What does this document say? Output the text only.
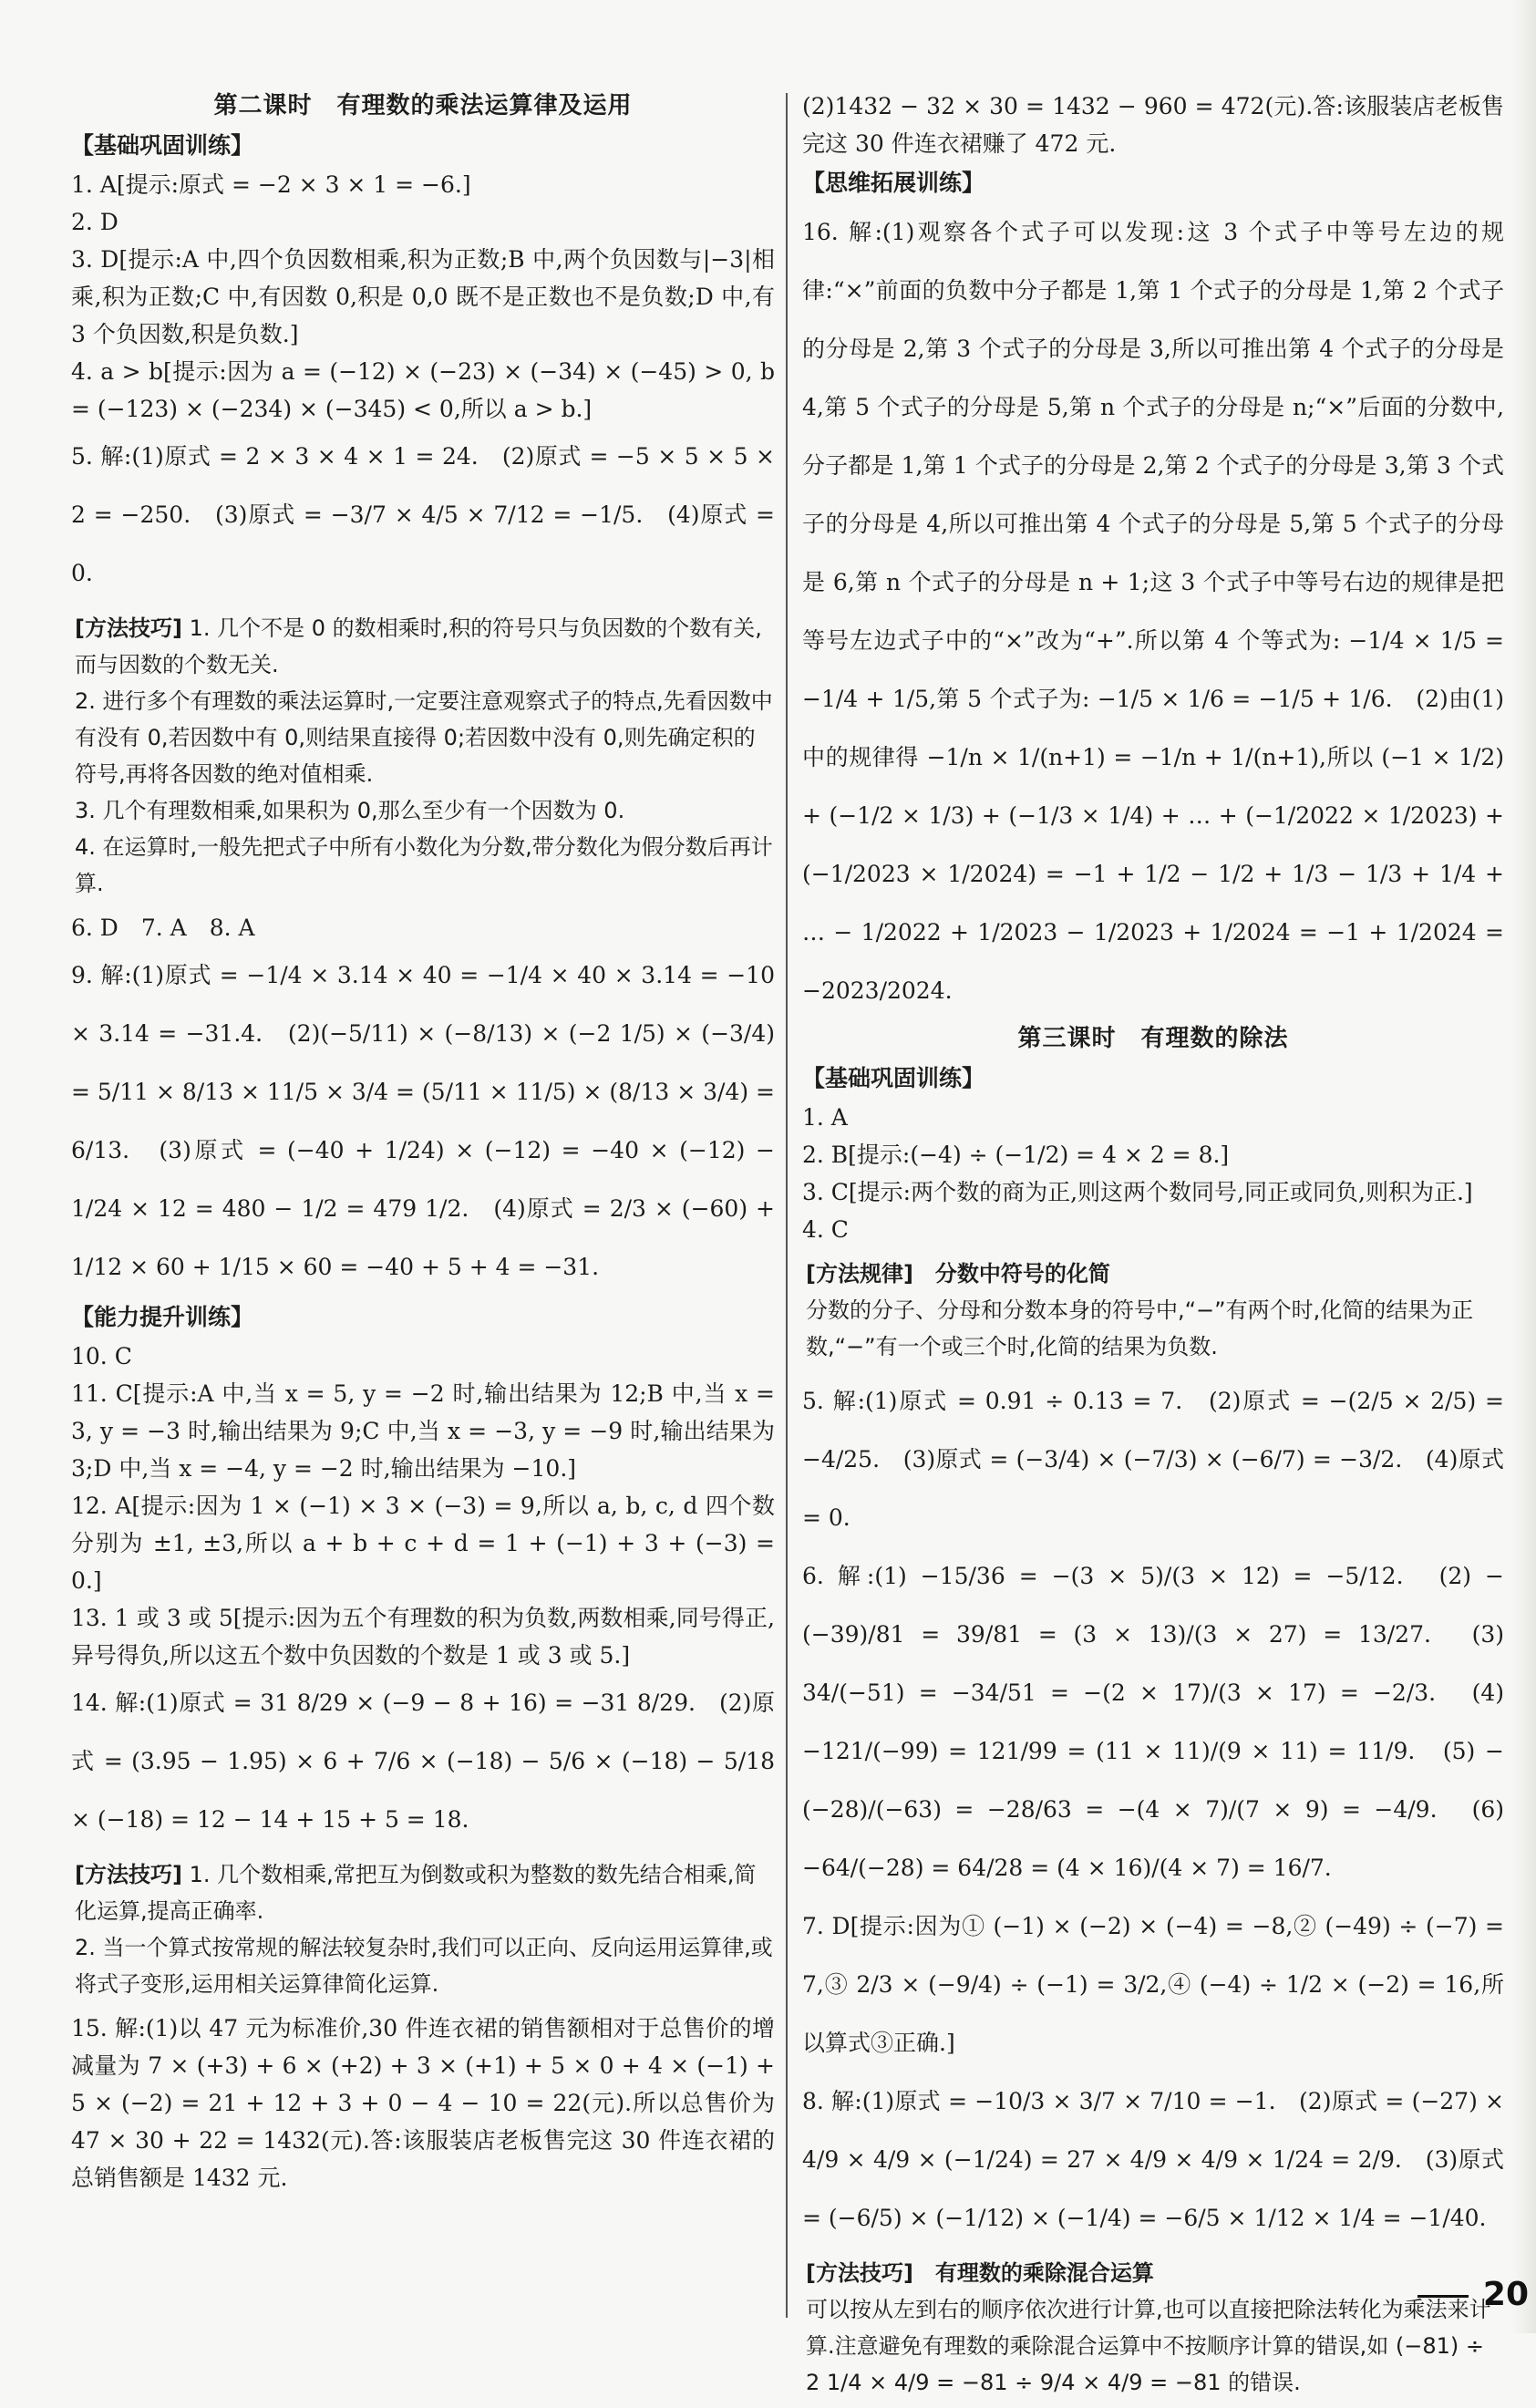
第二课时　有理数的乘法运算律及运用
【基础巩固训练】

1. A[提示:原式 = −2 × 3 × 1 = −6.]

2. D

3. D[提示:A 中,四个负因数相乘,积为正数;B 中,两个负因数与|−3|相乘,积为正数;C 中,有因数 0,积是 0,0 既不是正数也不是负数;D 中,有 3 个负因数,积是负数.]

4. a > b[提示:因为 a = (−12) × (−23) × (−34) × (−45) > 0, b = (−123) × (−234) × (−345) < 0,所以 a > b.]

5. 解:(1)原式 = 2 × 3 × 4 × 1 = 24.　(2)原式 = −5 × 5 × 5 × 2 = −250.　(3)原式 = −3/7 × 4/5 × 7/12 = −1/5.　(4)原式 = 0.

[方法技巧] 1. 几个不是 0 的数相乘时,积的符号只与负因数的个数有关,而与因数的个数无关.
2. 进行多个有理数的乘法运算时,一定要注意观察式子的特点,先看因数中有没有 0,若因数中有 0,则结果直接得 0;若因数中没有 0,则先确定积的符号,再将各因数的绝对值相乘.
3. 几个有理数相乘,如果积为 0,那么至少有一个因数为 0.
4. 在运算时,一般先把式子中所有小数化为分数,带分数化为假分数后再计算.

6. D　7. A　8. A

9. 解:(1)原式 = −1/4 × 3.14 × 40 = −1/4 × 40 × 3.14 = −10 × 3.14 = −31.4.　(2)(−5/11) × (−8/13) × (−2 1/5) × (−3/4) = 5/11 × 8/13 × 11/5 × 3/4 = (5/11 × 11/5) × (8/13 × 3/4) = 6/13.　(3)原式 = (−40 + 1/24) × (−12) = −40 × (−12) − 1/24 × 12 = 480 − 1/2 = 479 1/2.　(4)原式 = 2/3 × (−60) + 1/12 × 60 + 1/15 × 60 = −40 + 5 + 4 = −31.

【能力提升训练】

10. C

11. C[提示:A 中,当 x = 5, y = −2 时,输出结果为 12;B 中,当 x = 3, y = −3 时,输出结果为 9;C 中,当 x = −3, y = −9 时,输出结果为 3;D 中,当 x = −4, y = −2 时,输出结果为 −10.]

12. A[提示:因为 1 × (−1) × 3 × (−3) = 9,所以 a, b, c, d 四个数分别为 ±1, ±3,所以 a + b + c + d = 1 + (−1) + 3 + (−3) = 0.]

13. 1 或 3 或 5[提示:因为五个有理数的积为负数,两数相乘,同号得正,异号得负,所以这五个数中负因数的个数是 1 或 3 或 5.]

14. 解:(1)原式 = 31 8/29 × (−9 − 8 + 16) = −31 8/29.　(2)原式 = (3.95 − 1.95) × 6 + 7/6 × (−18) − 5/6 × (−18) − 5/18 × (−18) = 12 − 14 + 15 + 5 = 18.

[方法技巧] 1. 几个数相乘,常把互为倒数或积为整数的数先结合相乘,简化运算,提高正确率.
2. 当一个算式按常规的解法较复杂时,我们可以正向、反向运用运算律,或将式子变形,运用相关运算律简化运算.

15. 解:(1)以 47 元为标准价,30 件连衣裙的销售额相对于总售价的增减量为 7 × (+3) + 6 × (+2) + 3 × (+1) + 5 × 0 + 4 × (−1) + 5 × (−2) = 21 + 12 + 3 + 0 − 4 − 10 = 22(元).所以总售价为 47 × 30 + 22 = 1432(元).答:该服装店老板售完这 30 件连衣裙的总销售额是 1432 元.

(2)1432 − 32 × 30 = 1432 − 960 = 472(元).答:该服装店老板售完这 30 件连衣裙赚了 472 元.

【思维拓展训练】

16. 解:(1)观察各个式子可以发现:这 3 个式子中等号左边的规律:“×”前面的负数中分子都是 1,第 1 个式子的分母是 1,第 2 个式子的分母是 2,第 3 个式子的分母是 3,所以可推出第 4 个式子的分母是 4,第 5 个式子的分母是 5,第 n 个式子的分母是 n;“×”后面的分数中,分子都是 1,第 1 个式子的分母是 2,第 2 个式子的分母是 3,第 3 个式子的分母是 4,所以可推出第 4 个式子的分母是 5,第 5 个式子的分母是 6,第 n 个式子的分母是 n + 1;这 3 个式子中等号右边的规律是把等号左边式子中的“×”改为“+”.所以第 4 个等式为: −1/4 × 1/5 = −1/4 + 1/5,第 5 个式子为: −1/5 × 1/6 = −1/5 + 1/6.　(2)由(1)中的规律得 −1/n × 1/(n+1) = −1/n + 1/(n+1),所以 (−1 × 1/2) + (−1/2 × 1/3) + (−1/3 × 1/4) + … + (−1/2022 × 1/2023) + (−1/2023 × 1/2024) = −1 + 1/2 − 1/2 + 1/3 − 1/3 + 1/4 + … − 1/2022 + 1/2023 − 1/2023 + 1/2024 = −1 + 1/2024 = −2023/2024.

第三课时　有理数的除法
【基础巩固训练】

1. A

2. B[提示:(−4) ÷ (−1/2) = 4 × 2 = 8.]

3. C[提示:两个数的商为正,则这两个数同号,同正或同负,则积为正.]

4. C

[方法规律]　分数中符号的化简
分数的分子、分母和分数本身的符号中,“−”有两个时,化简的结果为正数,“−”有一个或三个时,化简的结果为负数.

5. 解:(1)原式 = 0.91 ÷ 0.13 = 7.　(2)原式 = −(2/5 × 2/5) = −4/25.　(3)原式 = (−3/4) × (−7/3) × (−6/7) = −3/2.　(4)原式 = 0.

6. 解:(1) −15/36 = −(3 × 5)/(3 × 12) = −5/12.　(2) −(−39)/81 = 39/81 = (3 × 13)/(3 × 27) = 13/27.　(3) 34/(−51) = −34/51 = −(2 × 17)/(3 × 17) = −2/3.　(4) −121/(−99) = 121/99 = (11 × 11)/(9 × 11) = 11/9.　(5) −(−28)/(−63) = −28/63 = −(4 × 7)/(7 × 9) = −4/9.　(6) −64/(−28) = 64/28 = (4 × 16)/(4 × 7) = 16/7.

7. D[提示:因为① (−1) × (−2) × (−4) = −8,② (−49) ÷ (−7) = 7,③ 2/3 × (−9/4) ÷ (−1) = 3/2,④ (−4) ÷ 1/2 × (−2) = 16,所以算式③正确.]

8. 解:(1)原式 = −10/3 × 3/7 × 7/10 = −1.　(2)原式 = (−27) × 4/9 × 4/9 × (−1/24) = 27 × 4/9 × 4/9 × 1/24 = 2/9.　(3)原式 = (−6/5) × (−1/12) × (−1/4) = −6/5 × 1/12 × 1/4 = −1/40.

[方法技巧]　有理数的乘除混合运算
可以按从左到右的顺序依次进行计算,也可以直接把除法转化为乘法来计算.注意避免有理数的乘除混合运算中不按顺序计算的错误,如 (−81) ÷ 2 1/4 × 4/9 = −81 ÷ 9/4 × 4/9 = −81 的错误.
20
